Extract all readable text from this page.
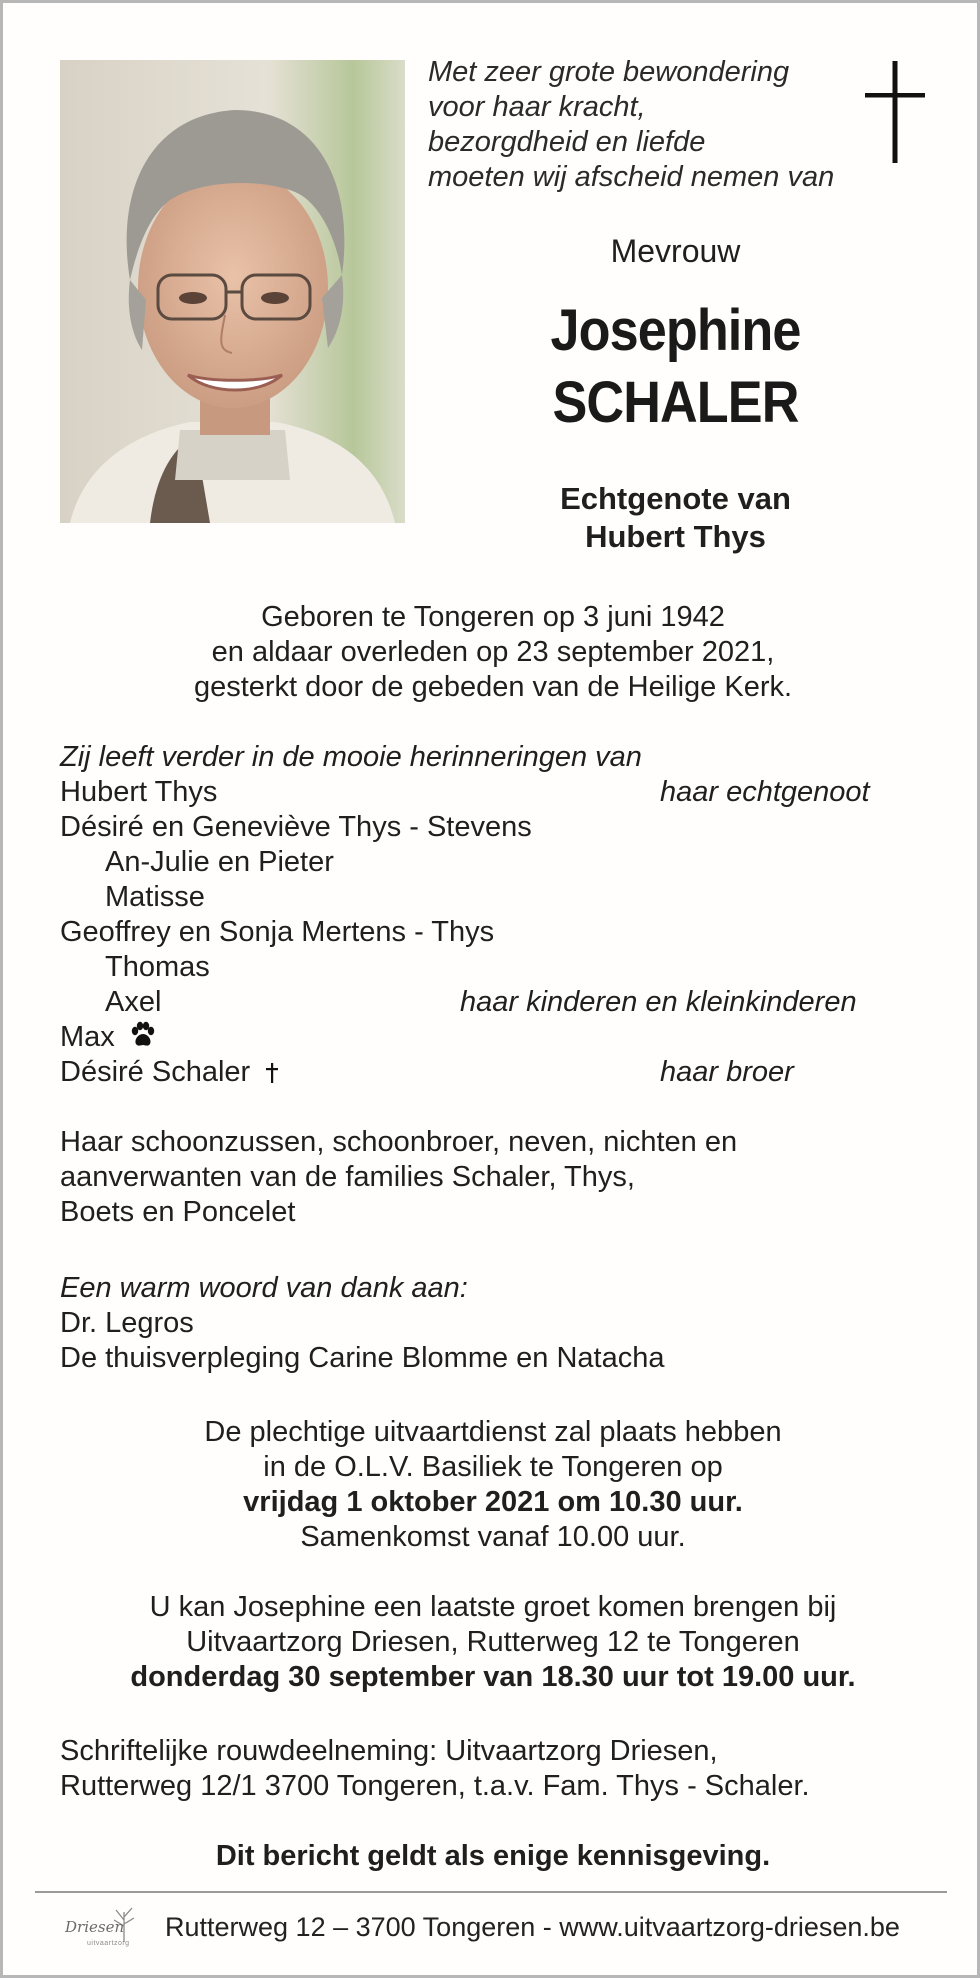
Met zeer grote bewondering
voor haar kracht,
bezorgdheid en liefde
moeten wij afscheid nemen van
Mevrouw
Josephine
SCHALER
Echtgenote van
Hubert Thys
Geboren te Tongeren op 3 juni 1942
en aldaar overleden op 23 september 2021,
gesterkt door de gebeden van de Heilige Kerk.
Zij leeft verder in de mooie herinneringen van
Hubert Thys	haar echtgenoot
Désiré en Geneviève Thys - Stevens
An-Julie en Pieter
Matisse
Geoffrey en Sonja Mertens - Thys
Thomas
Axel	haar kinderen en kleinkinderen
Max
Désiré Schaler	haar broer
Haar schoonzussen, schoonbroer, neven, nichten en
aanverwanten van de families Schaler, Thys,
Boets en Poncelet
Een warm woord van dank aan:
Dr. Legros
De thuisverpleging Carine Blomme en Natacha
De plechtige uitvaartdienst zal plaats hebben
in de O.L.V. Basiliek te Tongeren op
vrijdag 1 oktober 2021 om 10.30 uur.
Samenkomst vanaf 10.00 uur.
U kan Josephine een laatste groet komen brengen bij
Uitvaartzorg Driesen, Rutterweg 12 te Tongeren
donderdag 30 september van 18.30 uur tot 19.00 uur.
Schriftelijke rouwdeelneming: Uitvaartzorg Driesen,
Rutterweg 12/1 3700 Tongeren, t.a.v. Fam. Thys - Schaler.
Dit bericht geldt als enige kennisgeving.
Driesen
uitvaartzorg
Rutterweg 12 – 3700 Tongeren - www.uitvaartzorg-driesen.be
